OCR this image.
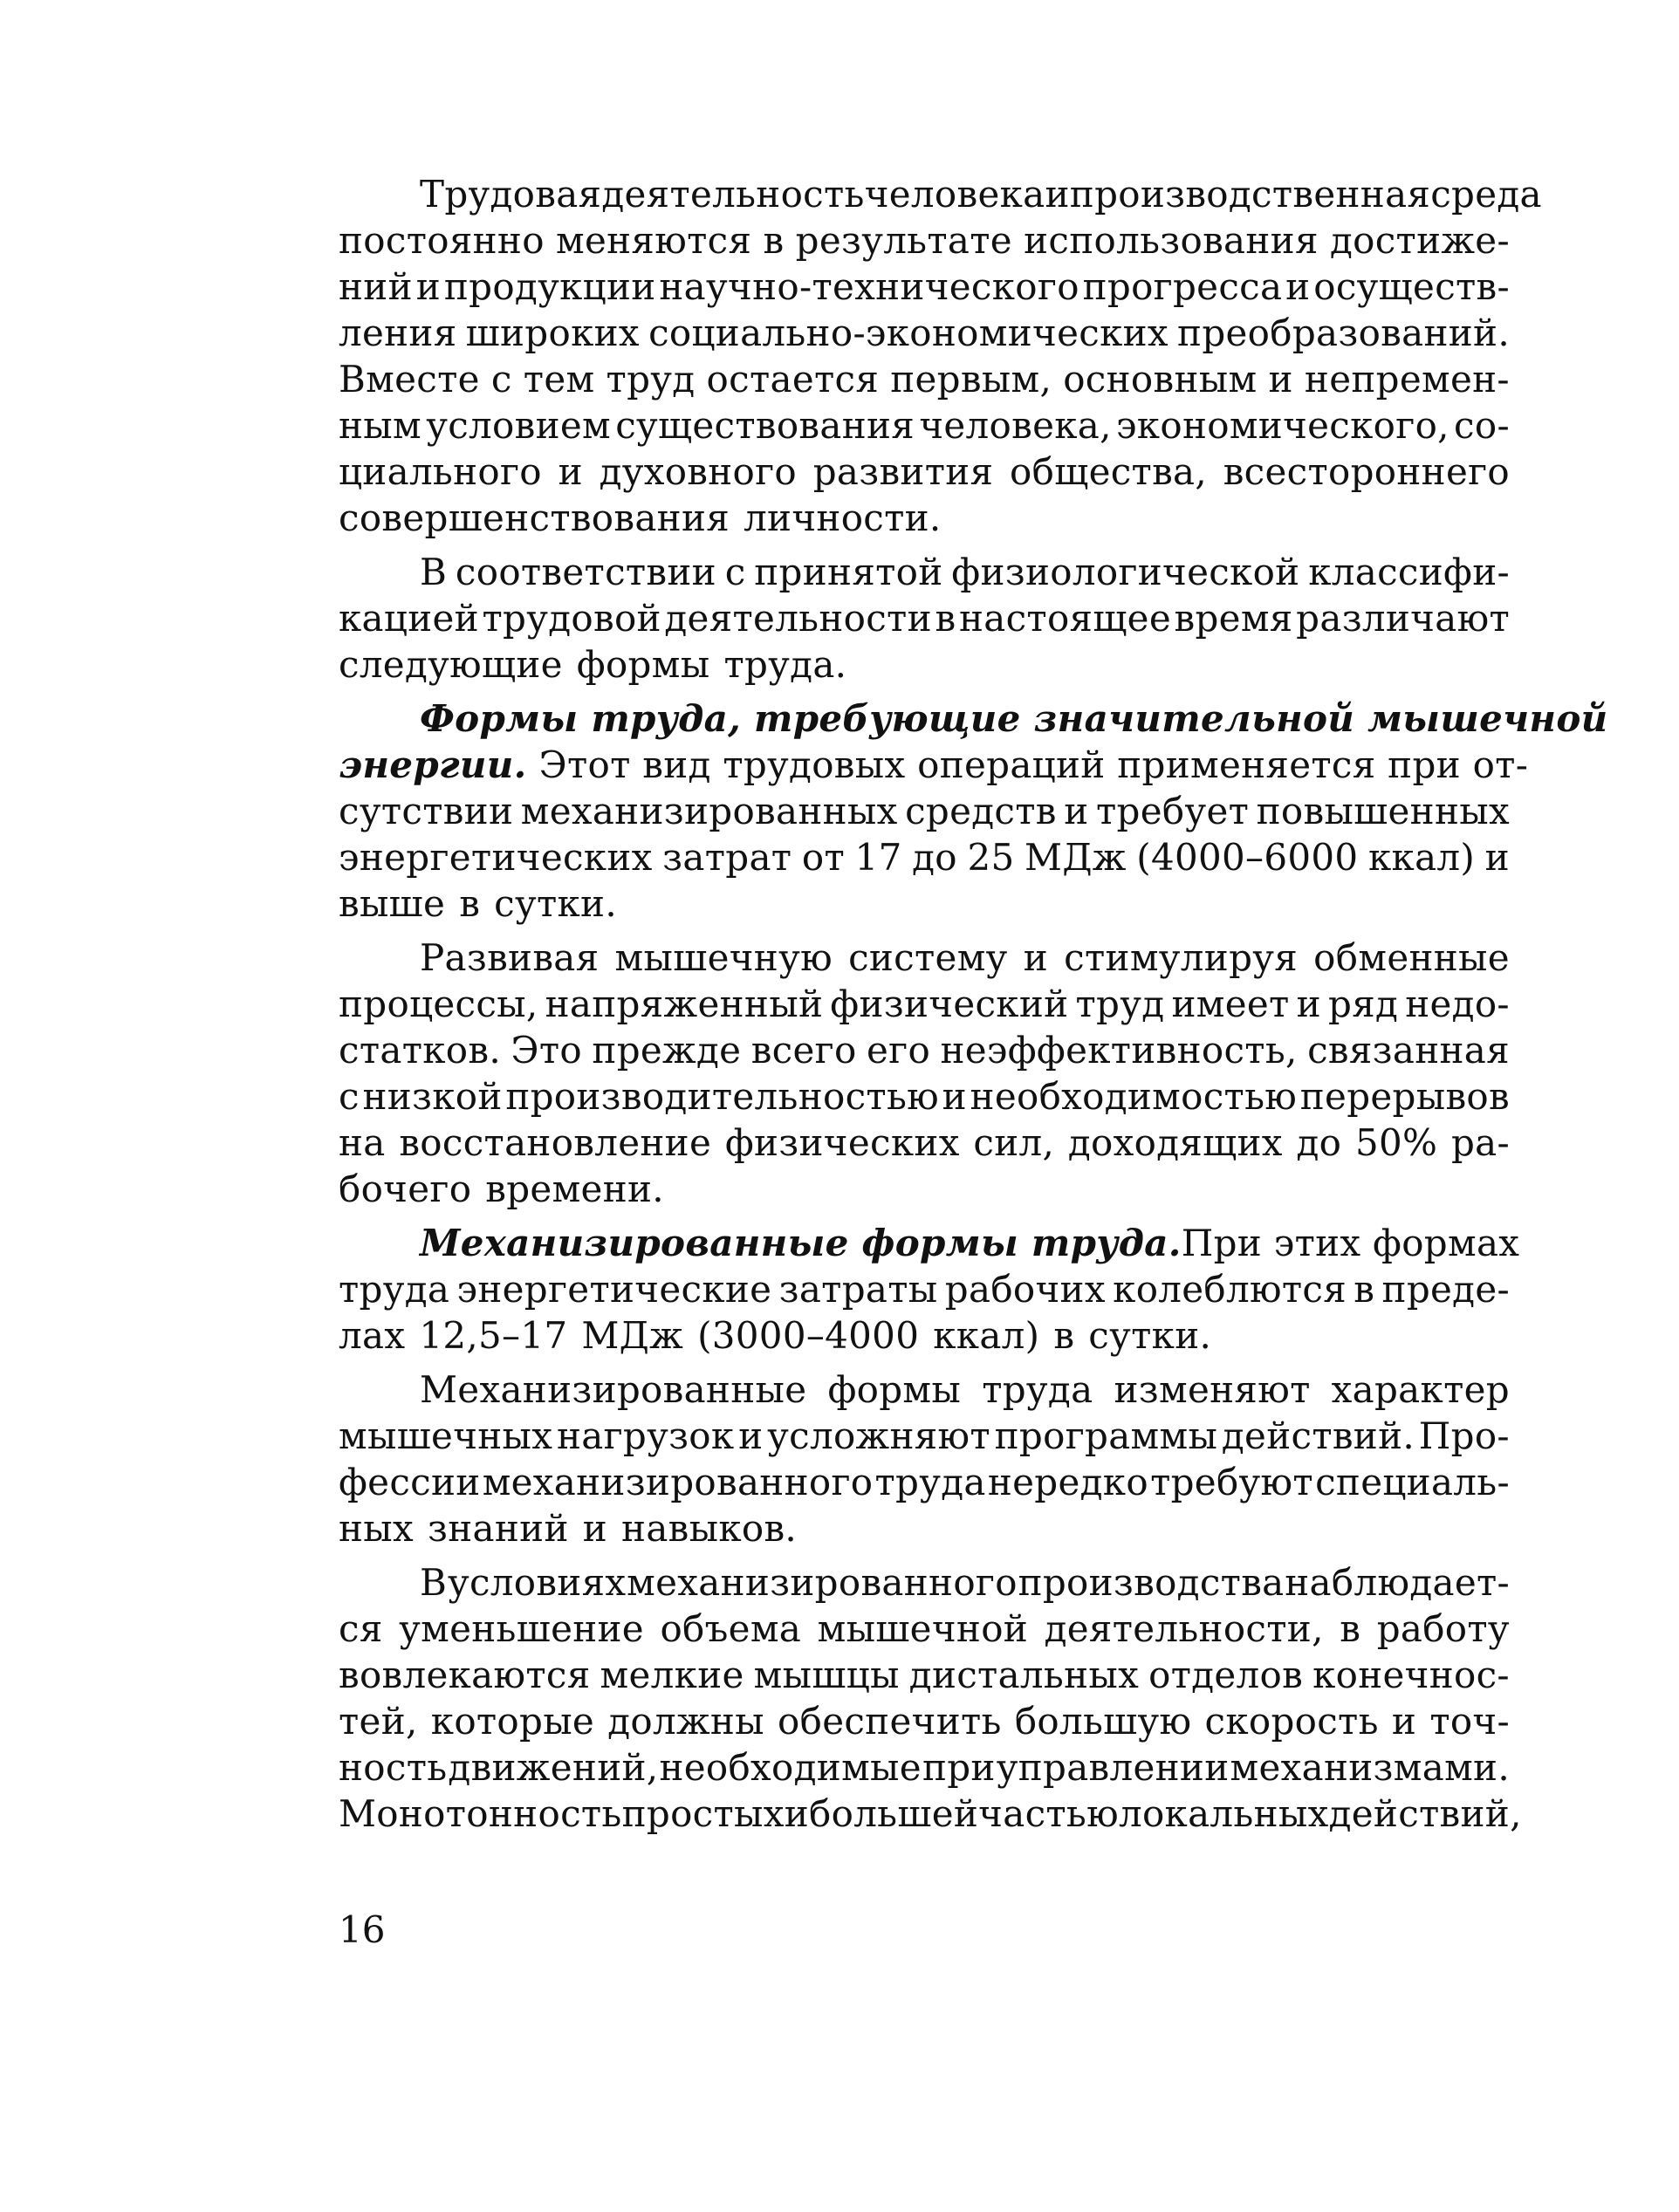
Трудовая деятельность человека и производственная среда
постоянно меняются в результате использования достиже-
ний и продукции научно-технического прогресса и осуществ-
ления широких социально-экономических преобразований.
Вместе с тем труд остается первым, основным и непремен-
ным условием существования человека, экономического, со-
циального и духовного развития общества, всестороннего
совершенствования личности.
В соответствии с принятой физиологической классифи-
кацией трудовой деятельности в настоящее время различают
следующие формы труда.
Формы труда, требующие значительной мышечной
энергии. Этот вид трудовых операций применяется при от-
сутствии механизированных средств и требует повышенных
энергетических затрат от 17 до 25 МДж (4000–6000 ккал) и
выше в сутки.
Развивая мышечную систему и стимулируя обменные
процессы, напряженный физический труд имеет и ряд недо-
статков. Это прежде всего его неэффективность, связанная
с низкой производительностью и необходимостью перерывов
на восстановление физических сил, доходящих до 50% ра-
бочего времени.
Механизированные формы труда. При этих формах
труда энергетические затраты рабочих колеблются в преде-
лах 12,5–17 МДж (3000–4000 ккал) в сутки.
Механизированные формы труда изменяют характер
мышечных нагрузок и усложняют программы действий. Про-
фессии механизированного труда нередко требуют специаль-
ных знаний и навыков.
В условиях механизированного производства наблюдает-
ся уменьшение объема мышечной деятельности, в работу
вовлекаются мелкие мышцы дистальных отделов конечнос-
тей, которые должны обеспечить большую скорость и точ-
ность движений, необходимые при управлении механизмами.
Монотонность простых и большей частью локальных действий,
16
